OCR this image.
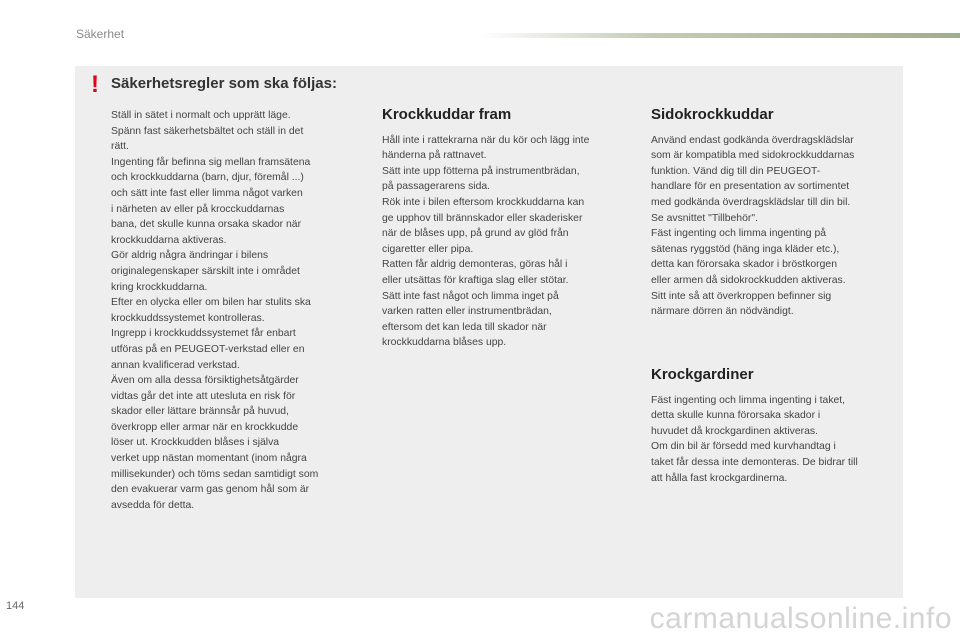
Säkerhet
! Säkerhetsregler som ska följas:

Ställ in sätet i normalt och upprätt läge.
Spänn fast säkerhetsbältet och ställ in det
rätt.
Ingenting får befinna sig mellan framsätena
och krockkuddarna (barn, djur, föremål ...)
och sätt inte fast eller limma något varken
i närheten av eller på krocckuddarnas
bana, det skulle kunna orsaka skador när
krockkuddarna aktiveras.
Gör aldrig några ändringar i bilens
originalegenskaper särskilt inte i området
kring krockkuddarna.
Efter en olycka eller om bilen har stulits ska
krockkuddssystemet kontrolleras.
Ingrepp i krockkuddssystemet får enbart
utföras på en PEUGEOT-verkstad eller en
annan kvalificerad verkstad.
Även om alla dessa försiktighetsåtgärder
vidtas går det inte att utesluta en risk för
skador eller lättare brännsår på huvud,
överkropp eller armar när en krockkudde
löser ut. Krockkudden blåses i själva
verket upp nästan momentant (inom några
millisekunder) och töms sedan samtidigt som
den evakuerar varm gas genom hål som är
avsedda för detta.

Krockkuddar fram

Håll inte i rattekrarna när du kör och lägg inte
händerna på rattnavet.
Sätt inte upp fötterna på instrumentbrädan,
på passagerarens sida.
Rök inte i bilen eftersom krockkuddarna kan
ge upphov till brännskador eller skaderisker
när de blåses upp, på grund av glöd från
cigaretter eller pipa.
Ratten får aldrig demonteras, göras hål i
eller utsättas för kraftiga slag eller stötar.
Sätt inte fast något och limma inget på
varken ratten eller instrumentbrädan,
eftersom det kan leda till skador när
krockkuddarna blåses upp.

Sidokrockkuddar

Använd endast godkända överdragsklädslar
som är kompatibla med sidokrockkuddarnas
funktion. Vänd dig till din PEUGEOT-
handlare för en presentation av sortimentet
med godkända överdragsklädslar till din bil.
Se avsnittet "Tillbehör".
Fäst ingenting och limma ingenting på
sätenas ryggstöd (häng inga kläder etc.),
detta kan förorsaka skador i bröstkorgen
eller armen då sidokrockkudden aktiveras.
Sitt inte så att överkroppen befinner sig
närmare dörren än nödvändigt.

Krockgardiner

Fäst ingenting och limma ingenting i taket,
detta skulle kunna förorsaka skador i
huvudet då krockgardinen aktiveras.
Om din bil är försedd med kurvhandtag i
taket får dessa inte demonteras. De bidrar till
att hålla fast krockgardinerna.

144	carmanualsonline.info
